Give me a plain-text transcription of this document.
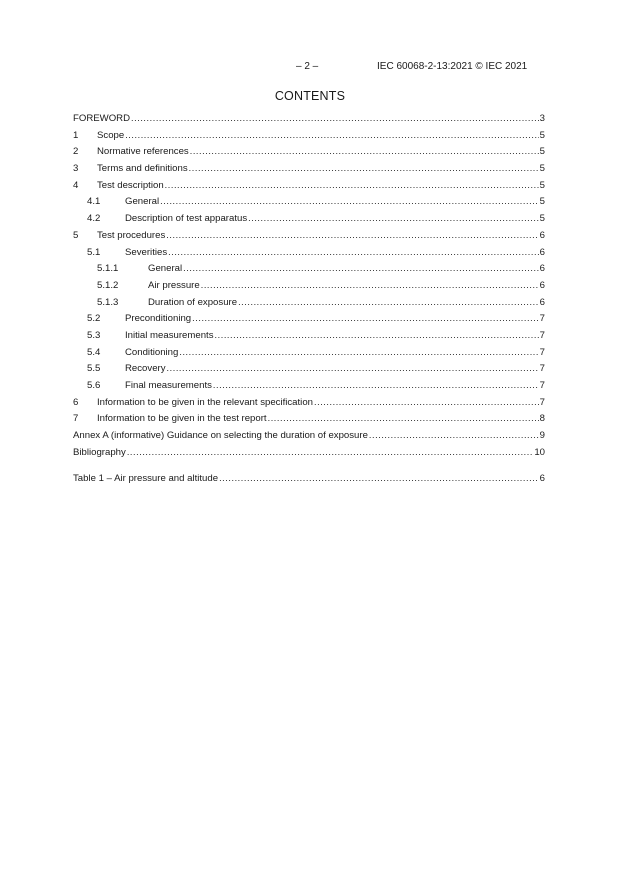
– 2 –	IEC 60068-2-13:2021 © IEC 2021
CONTENTS
FOREWORD .....	3
1	Scope .....	5
2	Normative references .....	5
3	Terms and definitions .....	5
4	Test description .....	5
4.1	General .....	5
4.2	Description of test apparatus .....	5
5	Test procedures .....	6
5.1	Severities .....	6
5.1.1	General .....	6
5.1.2	Air pressure .....	6
5.1.3	Duration of exposure .....	6
5.2	Preconditioning .....	7
5.3	Initial measurements .....	7
5.4	Conditioning .....	7
5.5	Recovery .....	7
5.6	Final measurements .....	7
6	Information to be given in the relevant specification .....	7
7	Information to be given in the test report .....	8
Annex A (informative) Guidance on selecting the duration of exposure .....	9
Bibliography .....	10
Table 1 – Air pressure and altitude .....	6
